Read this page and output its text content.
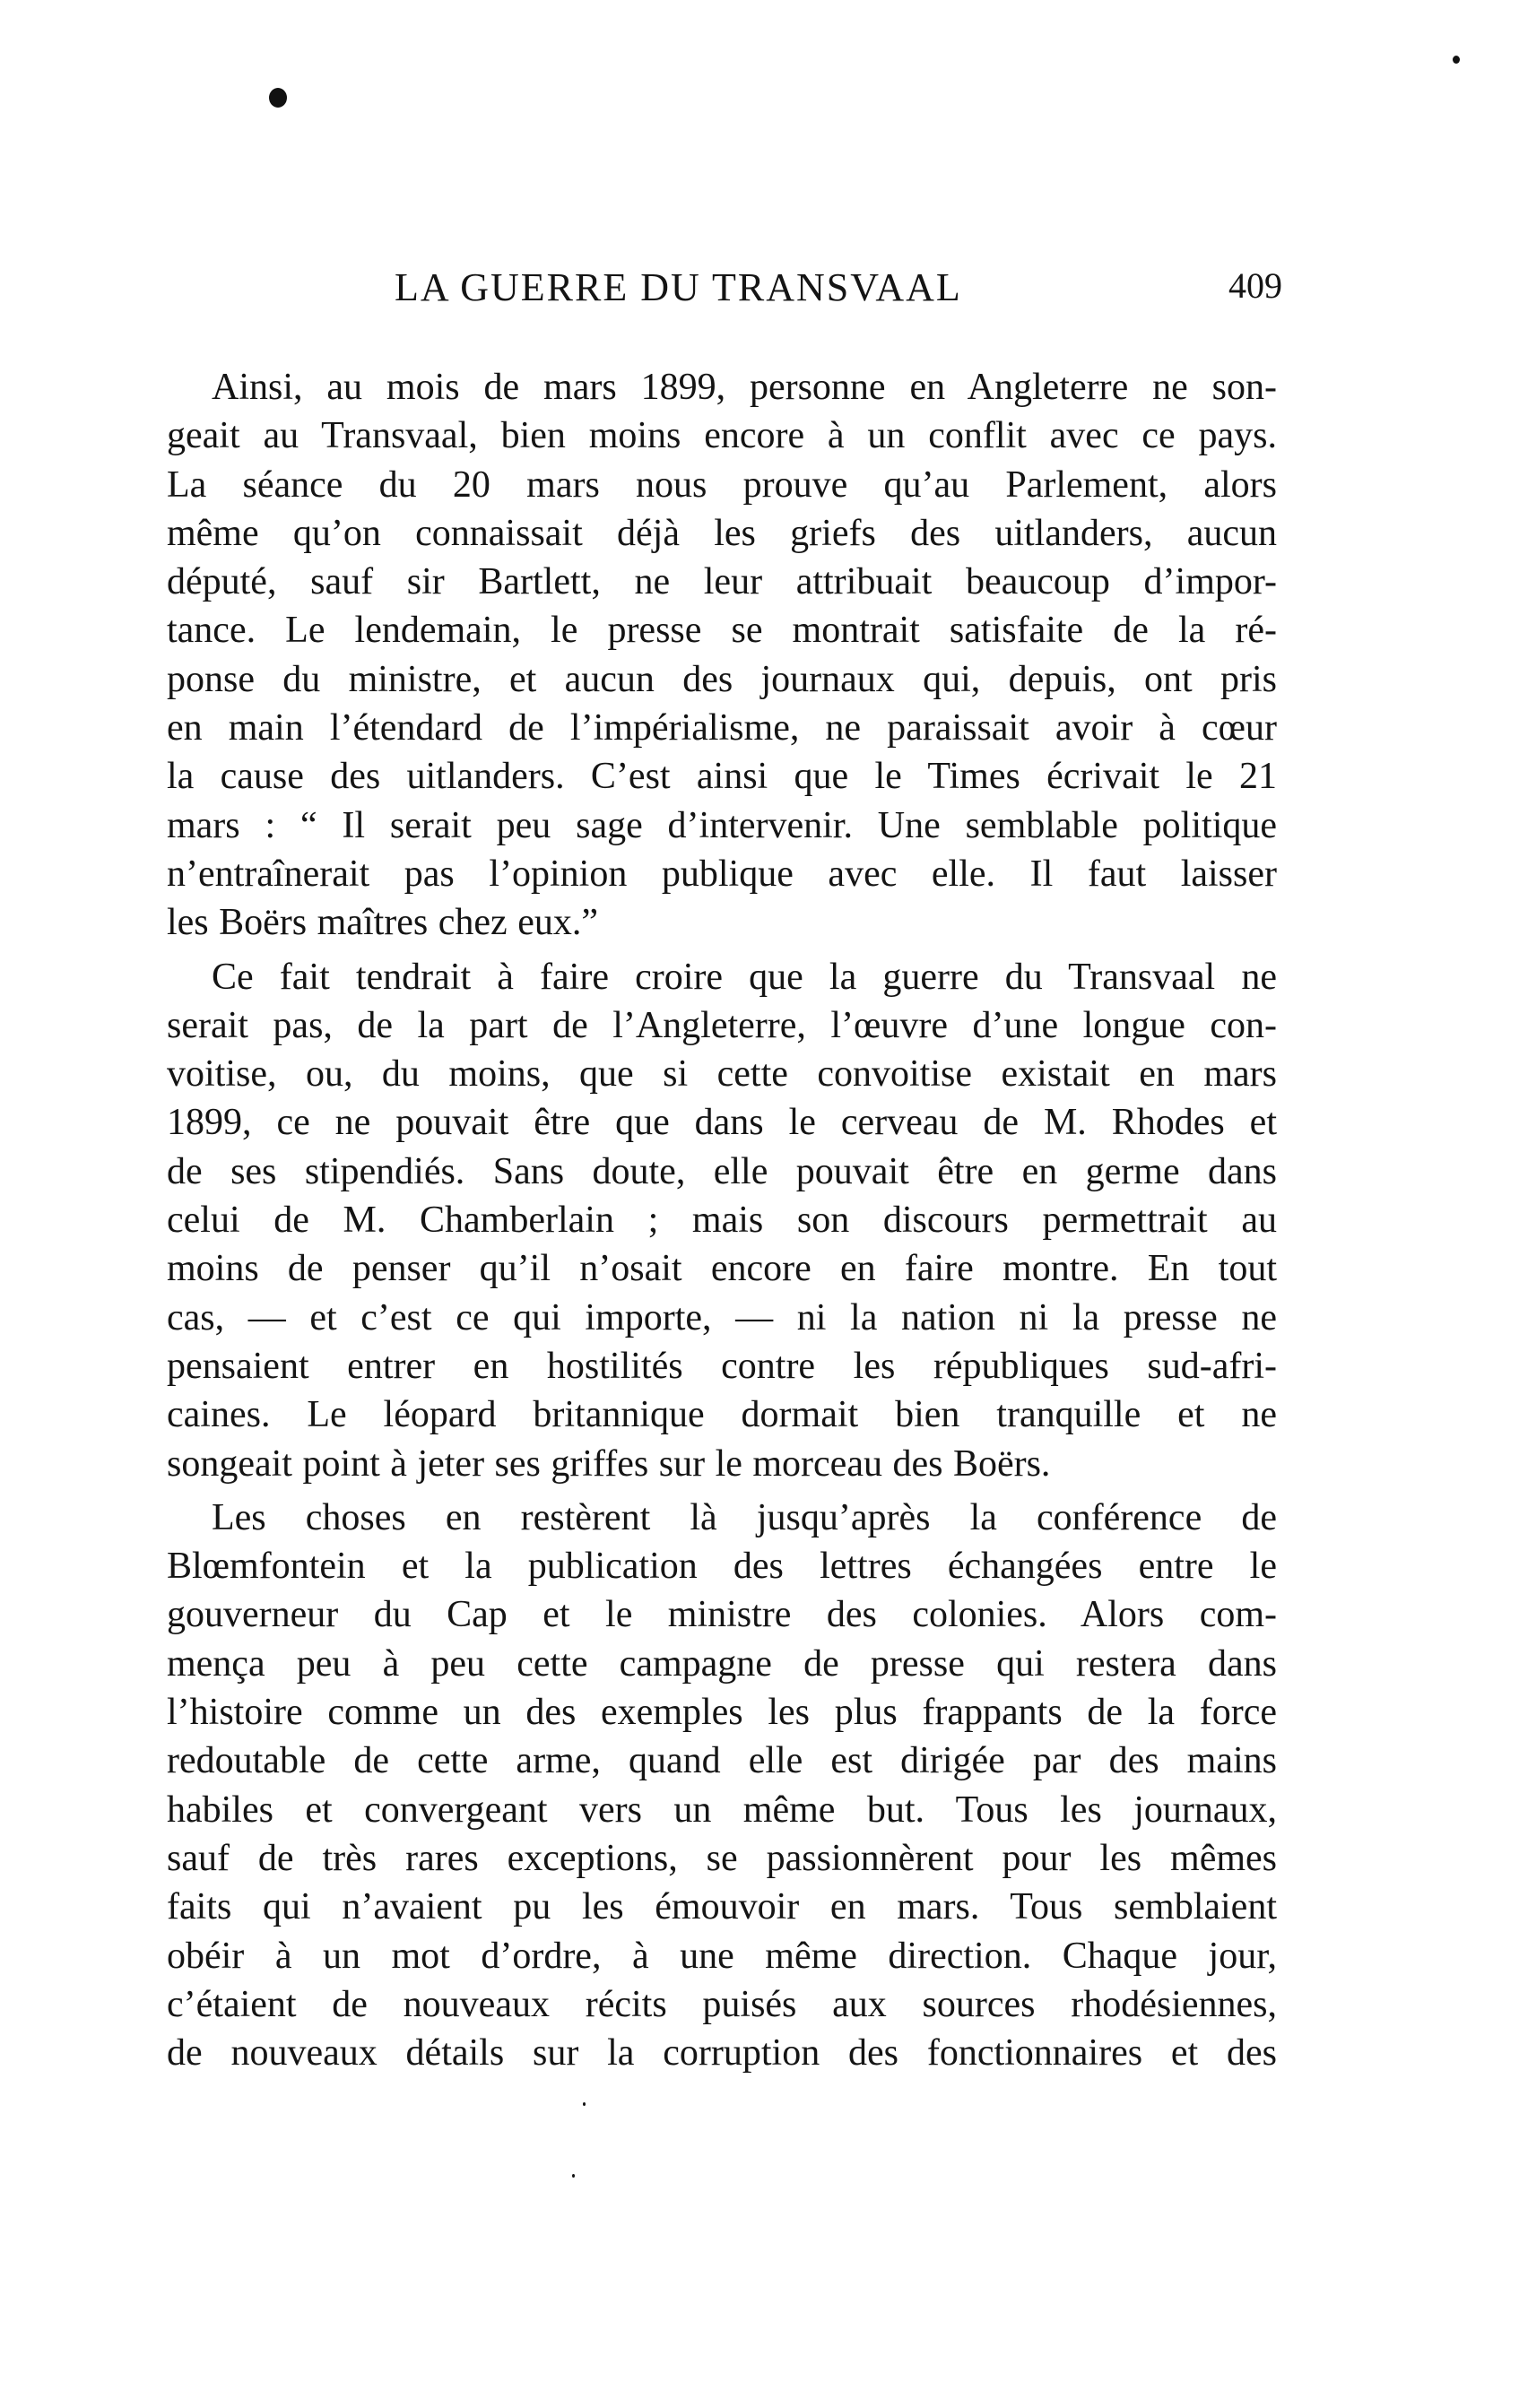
LA GUERRE DU TRANSVAAL	409
Ainsi, au mois de mars 1899, personne en Angleterre ne son-
geait au Transvaal, bien moins encore à un conflit avec ce pays.
La séance du 20 mars nous prouve qu’au Parlement, alors
même qu’on connaissait déjà les griefs des uitlanders, aucun
député, sauf sir Bartlett, ne leur attribuait beaucoup d’impor-
tance. Le lendemain, le presse se montrait satisfaite de la ré-
ponse du ministre, et aucun des journaux qui, depuis, ont pris
en main l’étendard de l’impérialisme, ne paraissait avoir à cœur
la cause des uitlanders. C’est ainsi que le Times écrivait le 21
mars : “ Il serait peu sage d’intervenir. Une semblable politique
n’entraînerait pas l’opinion publique avec elle. Il faut laisser
les Boërs maîtres chez eux.”
Ce fait tendrait à faire croire que la guerre du Transvaal ne
serait pas, de la part de l’Angleterre, l’œuvre d’une longue con-
voitise, ou, du moins, que si cette convoitise existait en mars
1899, ce ne pouvait être que dans le cerveau de M. Rhodes et
de ses stipendiés. Sans doute, elle pouvait être en germe dans
celui de M. Chamberlain ; mais son discours permettrait au
moins de penser qu’il n’osait encore en faire montre. En tout
cas, — et c’est ce qui importe, — ni la nation ni la presse ne
pensaient entrer en hostilités contre les républiques sud-afri-
caines. Le léopard britannique dormait bien tranquille et ne
songeait point à jeter ses griffes sur le morceau des Boërs.
Les choses en restèrent là jusqu’après la conférence de
Blœmfontein et la publication des lettres échangées entre le
gouverneur du Cap et le ministre des colonies. Alors com-
mença peu à peu cette campagne de presse qui restera dans
l’histoire comme un des exemples les plus frappants de la force
redoutable de cette arme, quand elle est dirigée par des mains
habiles et convergeant vers un même but. Tous les journaux,
sauf de très rares exceptions, se passionnèrent pour les mêmes
faits qui n’avaient pu les émouvoir en mars. Tous semblaient
obéir à un mot d’ordre, à une même direction. Chaque jour,
c’étaient de nouveaux récits puisés aux sources rhodésiennes,
de nouveaux détails sur la corruption des fonctionnaires et des
